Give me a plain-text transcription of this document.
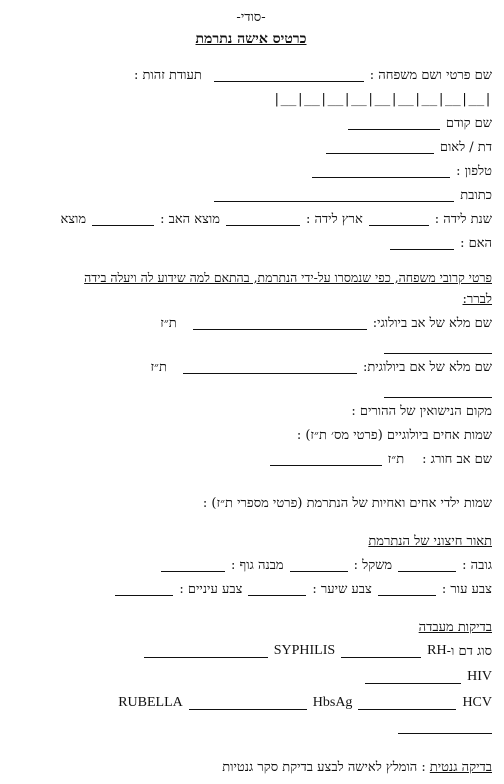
-סודי-
כרטיס אישה נתרמת
שם פרטי ושם משפחה :
תעודת זהות :
|__|__|__|__|__|__|__|__|__|
שם קודם
דת / לאום
טלפון :
כתובת
שנת לידה :
ארץ לידה :
מוצא האב :
מוצא
האם :
פרטי קרובי משפחה, כפי שנמסרו על-ידי הנתרמת, בהתאם למה שידוע לה ויעלה בידה
לברר:
שם מלא של אב ביולוגי:
ת״ז
שם מלא של אם ביולוגית:
ת״ז
מקום הנישואין של ההורים :
שמות אחים ביולוגיים (פרטי מס׳ ת״ז) :
שם אב חורג :
ת״ז
שמות ילדי אחים ואחיות של הנתרמת (פרטי מספרי ת״ז) :
תאור חיצוני של הנתרמת
גובה :
משקל :
מבנה גוף :
צבע עור :
צבע שיער :
צבע עיניים :
בדיקות מעבדה
סוג דם ו-
RH
SYPHILIS
HIV
HCV
HbsAg
RUBELLA
בדיקה גנטית
: הומלץ לאישה לבצע בדיקת סקר גנטיות
